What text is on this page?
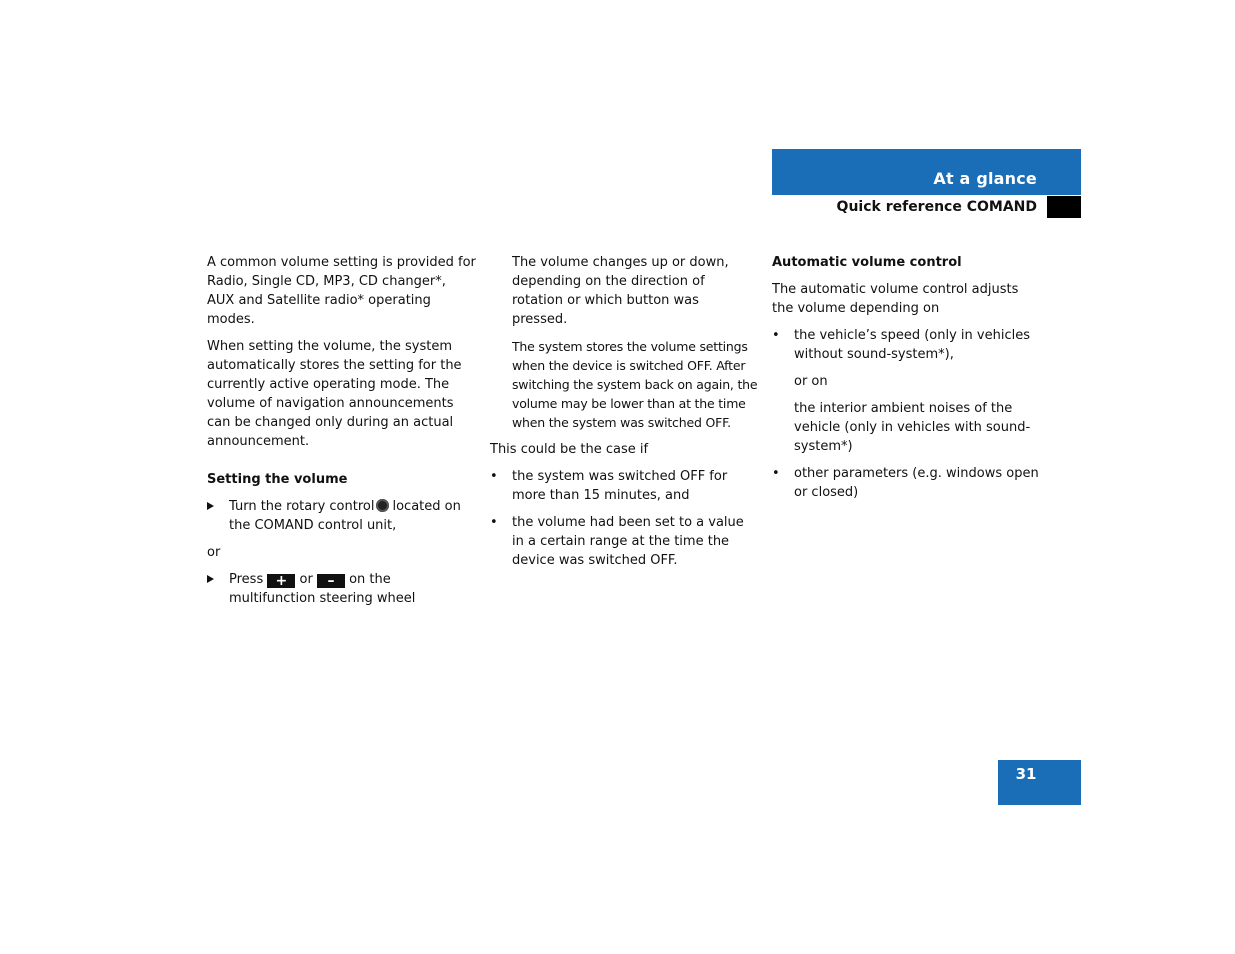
At a glance
Quick reference COMAND

A common volume setting is provided for Radio, Single CD, MP3, CD changer*, AUX and Satellite radio* operating modes.

When setting the volume, the system automatically stores the setting for the currently active operating mode. The volume of navigation announcements can be changed only during an actual announcement.

Setting the volume
Turn the rotary control located on the COMAND control unit,

or

Press + or – on the multifunction steering wheel

The volume changes up or down, depending on the direction of rotation or which button was pressed.

The system stores the volume settings when the device is switched OFF. After switching the system back on again, the volume may be lower than at the time when the system was switched OFF.

This could be the case if

• the system was switched OFF for more than 15 minutes, and
• the volume had been set to a value in a certain range at the time the device was switched OFF.
Automatic volume control

The automatic volume control adjusts the volume depending on

• the vehicle’s speed (only in vehicles without sound-system*),

or on

the interior ambient noises of the vehicle (only in vehicles with sound-system*)

• other parameters (e.g. windows open or closed)
31
